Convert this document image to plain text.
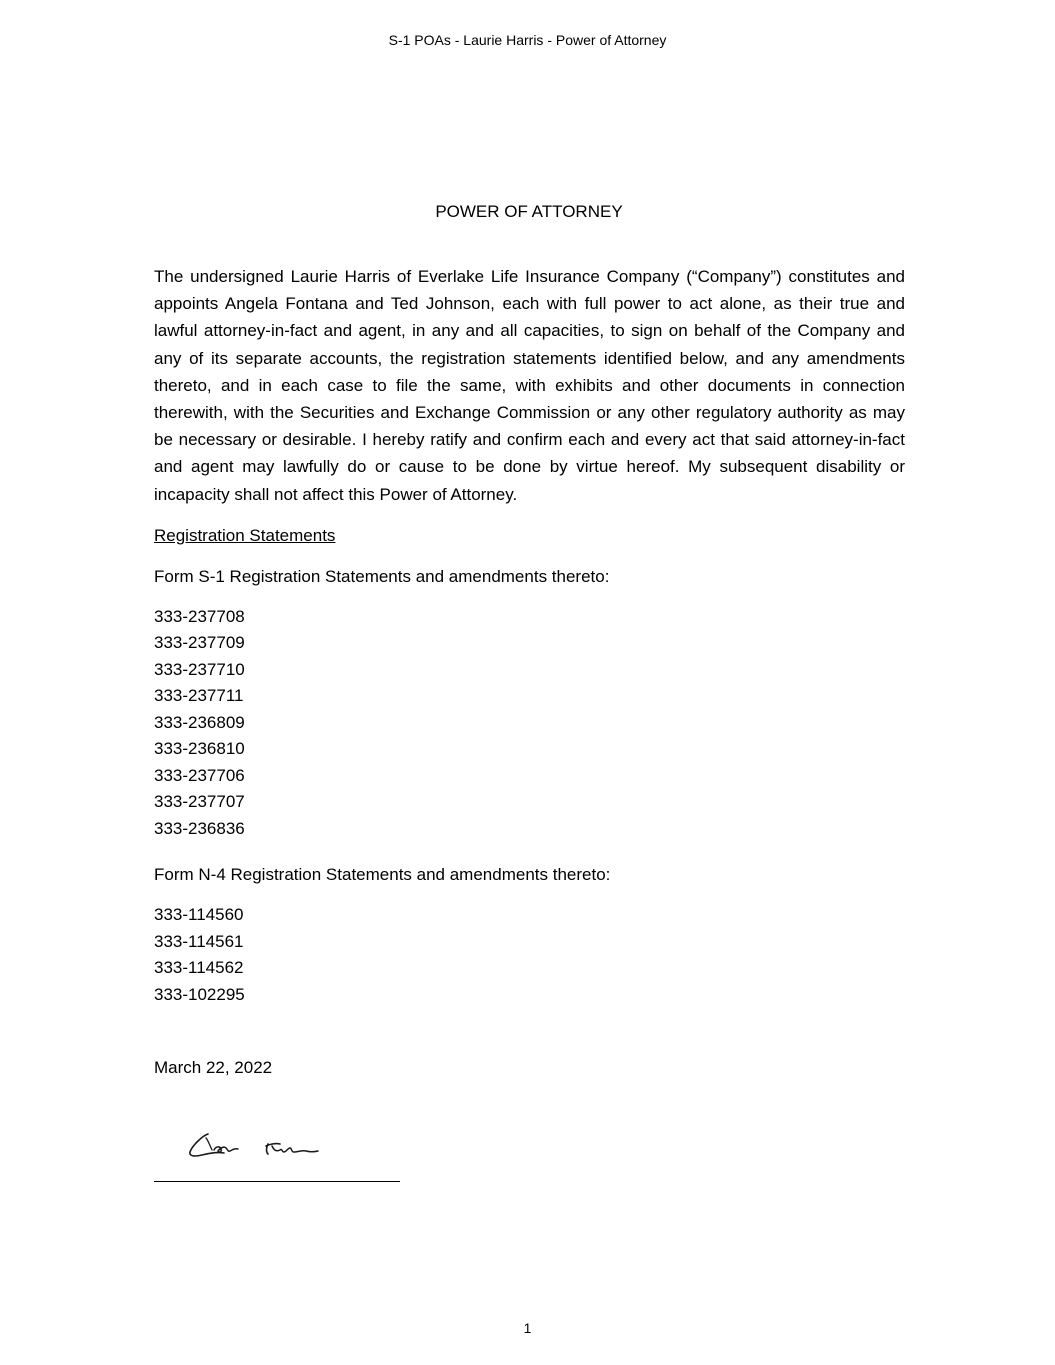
S-1 POAs - Laurie Harris - Power of Attorney
POWER OF ATTORNEY

The undersigned Laurie Harris of Everlake Life Insurance Company (“Company”) constitutes and appoints Angela Fontana and Ted Johnson, each with full power to act alone, as their true and lawful attorney-in-fact and agent, in any and all capacities, to sign on behalf of the Company and any of its separate accounts, the registration statements identified below, and any amendments thereto, and in each case to file the same, with exhibits and other documents in connection therewith, with the Securities and Exchange Commission or any other regulatory authority as may be necessary or desirable. I hereby ratify and confirm each and every act that said attorney-in-fact and agent may lawfully do or cause to be done by virtue hereof. My subsequent disability or incapacity shall not affect this Power of Attorney.

Registration Statements

Form S-1 Registration Statements and amendments thereto:

333-237708
333-237709
333-237710
333-237711
333-236809
333-236810
333-237706
333-237707
333-236836

Form N-4 Registration Statements and amendments thereto:

333-114560
333-114561
333-114562
333-102295

March 22, 2022

1
